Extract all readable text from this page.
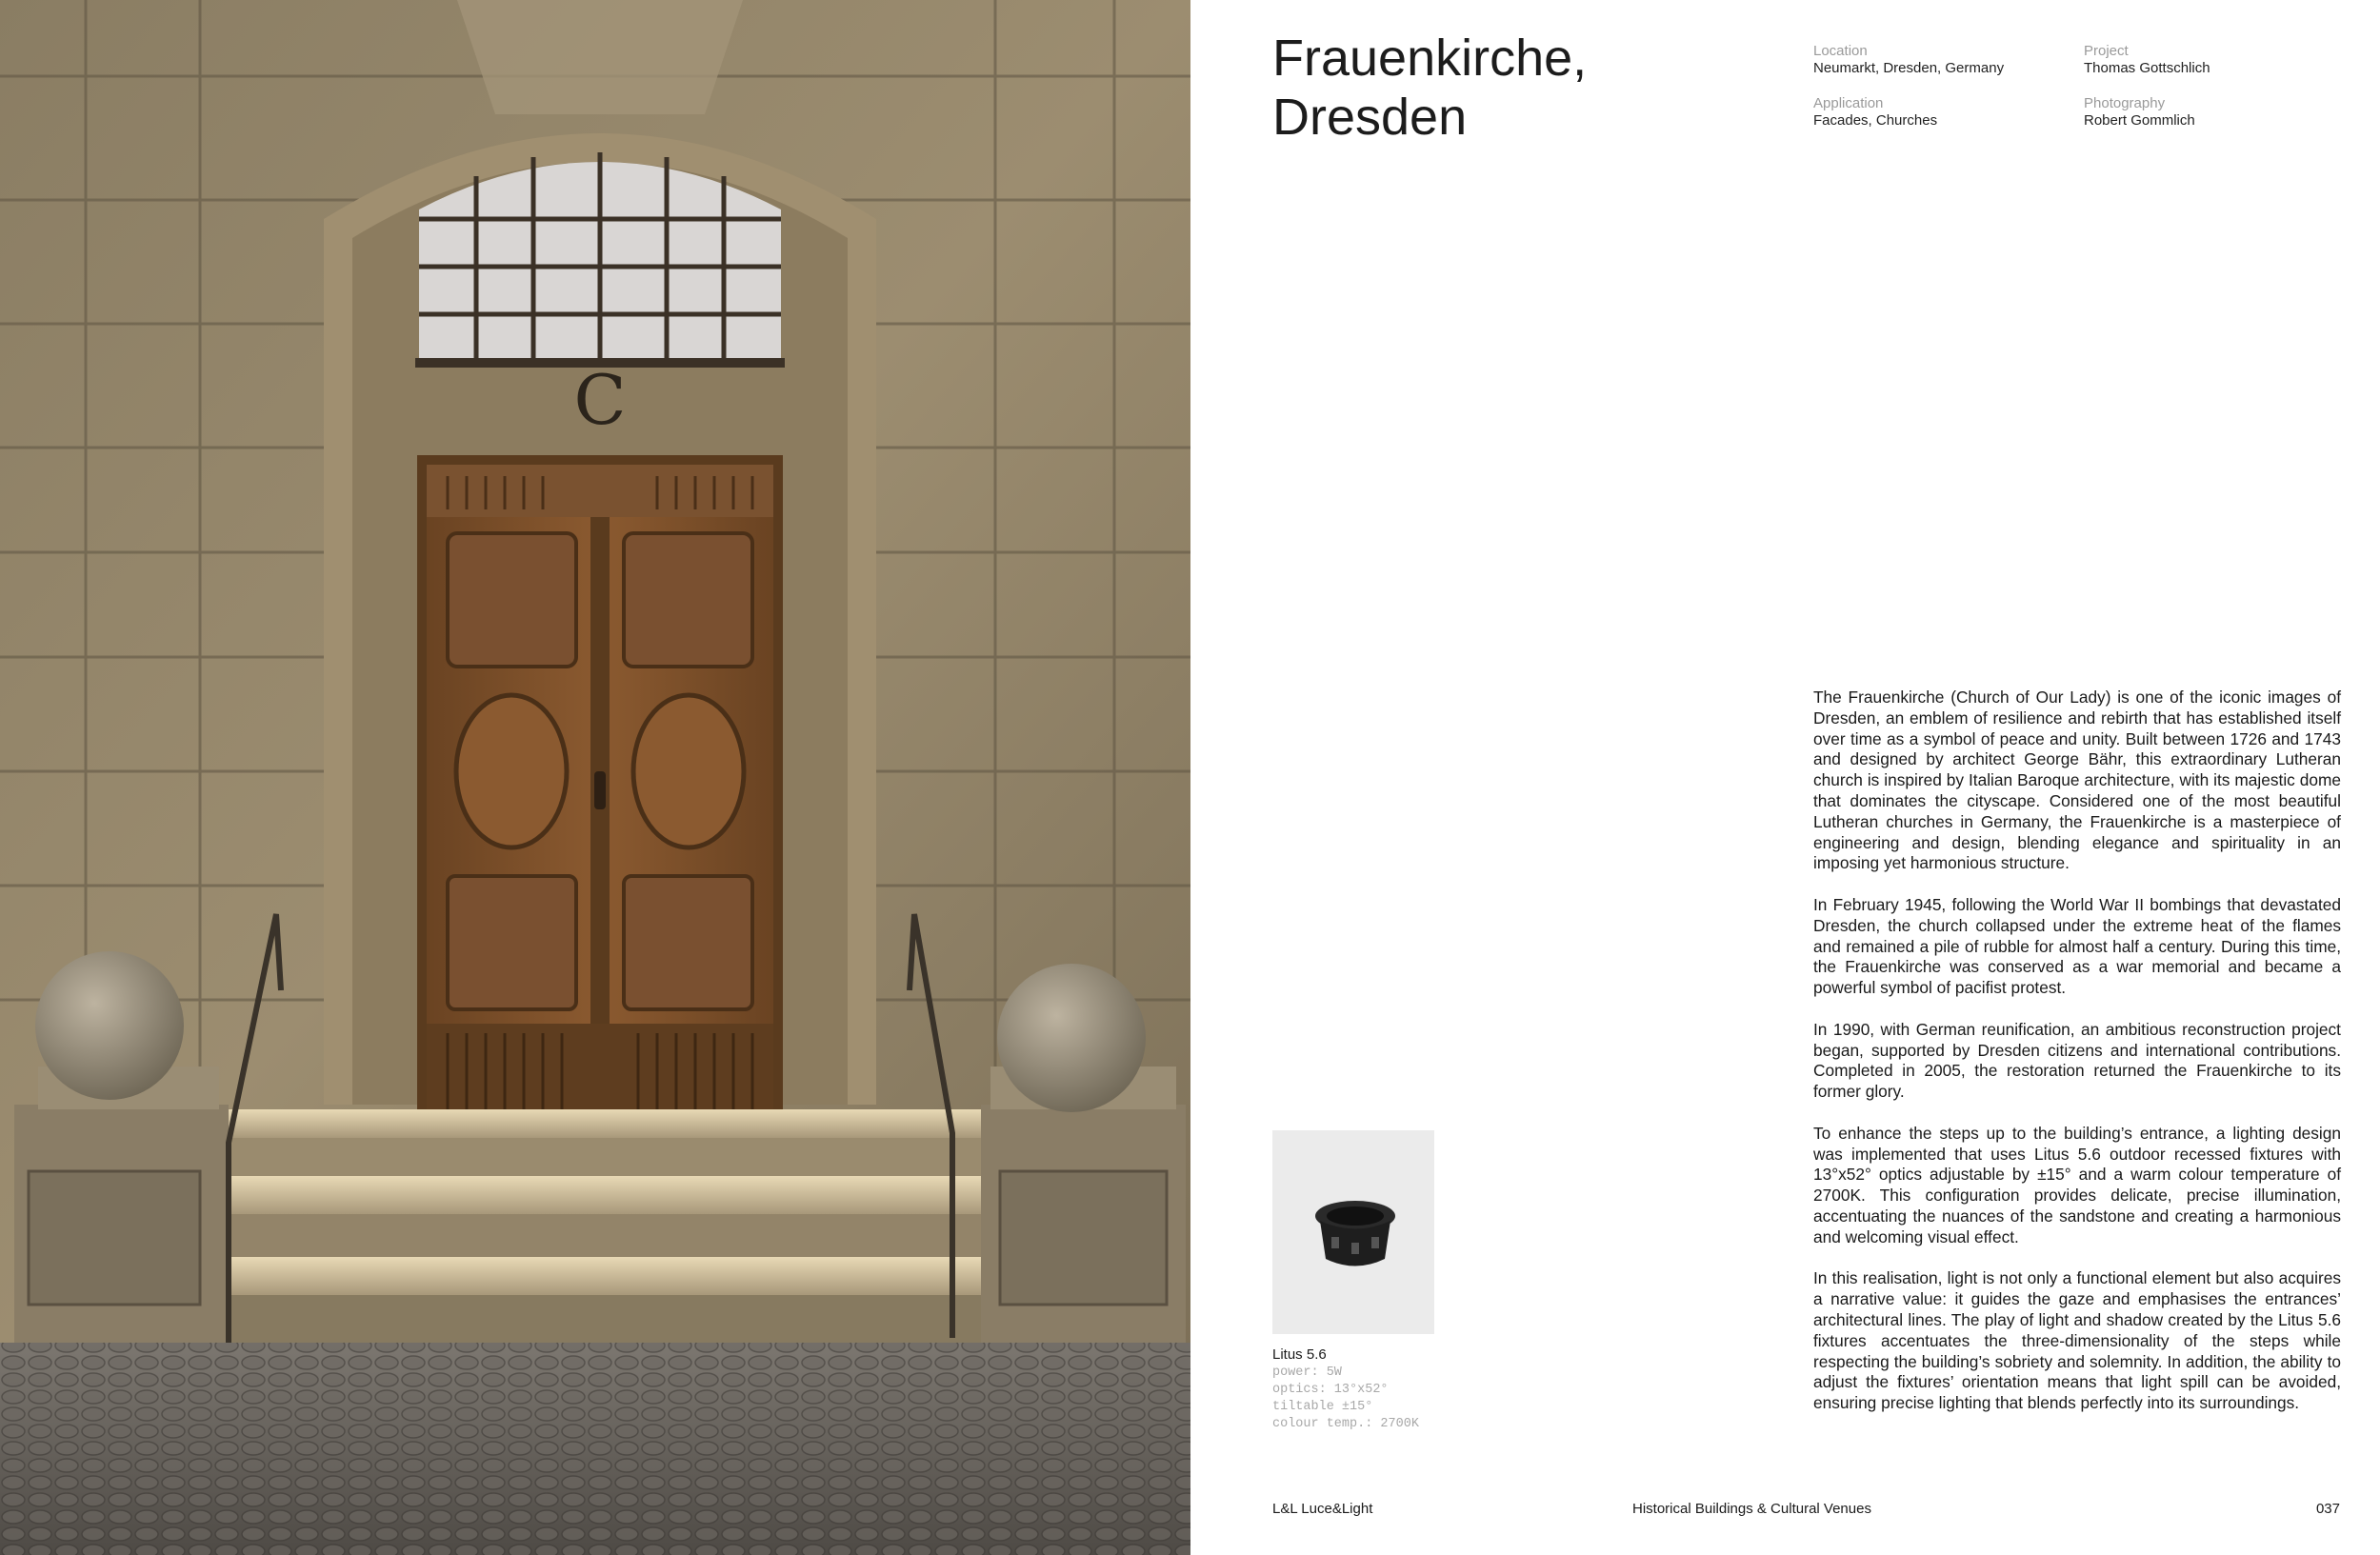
C
Frauenkirche,
Dresden
Location
Neumarkt, Dresden, Germany
Project
Thomas Gottschlich
Application
Facades, Churches
Photography
Robert Gommlich

The Frauenkirche (Church of Our Lady) is one of the iconic images of Dresden, an emblem of resilience and rebirth that has established itself over time as a symbol of peace and unity. Built between 1726 and 1743 and designed by architect George Bähr, this extraordinary Lutheran church is inspired by Italian Baroque architecture, with its majestic dome that dominates the cityscape. Considered one of the most beautiful Lutheran churches in Germany, the Frauenkirche is a masterpiece of engineering and design, blending elegance and spirituality in an imposing yet harmonious structure.

In February 1945, following the World War II bombings that devastated Dresden, the church collapsed under the extreme heat of the flames and remained a pile of rubble for almost half a century. During this time, the Frauenkirche was conserved as a war memorial and became a powerful symbol of pacifist protest.

In 1990, with German reunification, an ambitious reconstruction project began, supported by Dresden citizens and international contributions. Completed in 2005, the restoration returned the Frauenkirche to its former glory.

To enhance the steps up to the building’s entrance, a lighting design was implemented that uses Litus 5.6 outdoor recessed fixtures with 13°x52° optics adjustable by ±15° and a warm colour temperature of 2700K. This configuration provides delicate, precise illumination, accentuating the nuances of the sandstone and creating a harmonious and welcoming visual effect.

In this realisation, light is not only a functional element but also acquires a narrative value: it guides the gaze and emphasises the entrances’ architectural lines. The play of light and shadow created by the Litus 5.6 fixtures accentuates the three-dimensionality of the steps while respecting the building’s sobriety and solemnity. In addition, the ability to adjust the fixtures’ orientation means that light spill can be avoided, ensuring precise lighting that blends perfectly into its surroundings.

Litus 5.6
power: 5W
optics: 13°x52°
tiltable ±15°
colour temp.: 2700K
L&L Luce&Light	Historical Buildings & Cultural Venues	037
